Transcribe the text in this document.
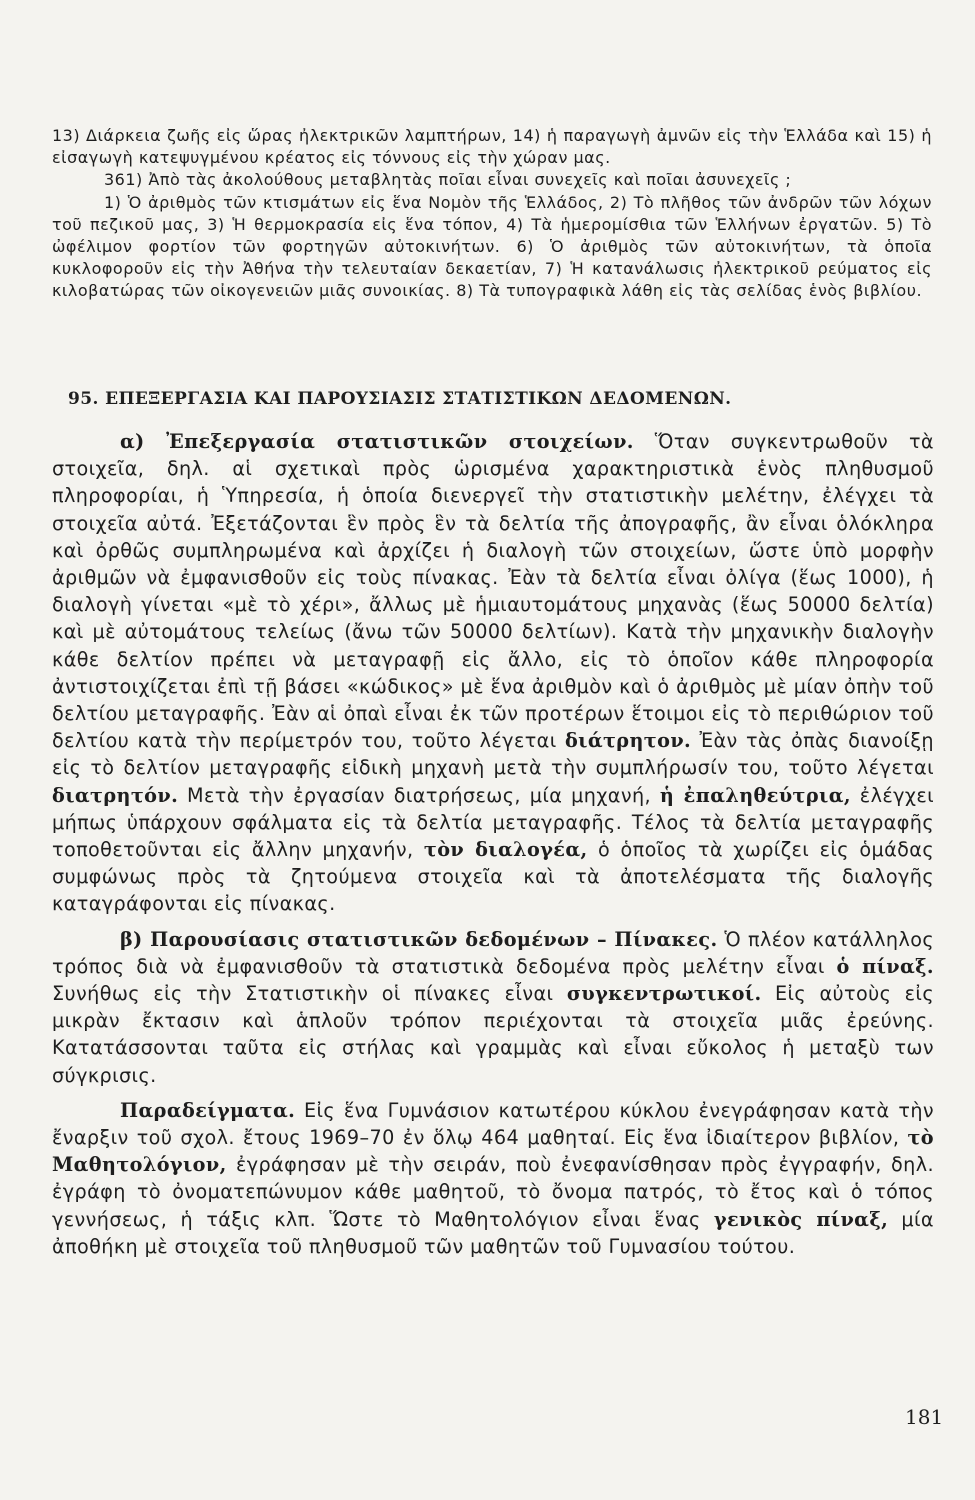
13) Διάρκεια ζωῆς εἰς ὥρας ἠλεκτρικῶν λαμπτήρων, 14) ἡ παραγωγὴ ἀμνῶν εἰς τὴν Ἑλλάδα καὶ 15) ἡ εἰσαγωγὴ κατεψυγμένου κρέατος εἰς τόννους εἰς τὴν χώραν μας.

361) Ἀπὸ τὰς ἀκολούθους μεταβλητὰς ποῖαι εἶναι συνεχεῖς καὶ ποῖαι ἀσυνεχεῖς ;

1) Ὁ ἀριθμὸς τῶν κτισμάτων εἰς ἕνα Νομὸν τῆς Ἑλλάδος, 2) Τὸ πλῆθος τῶν ἀνδρῶν τῶν λόχων τοῦ πεζικοῦ μας, 3) Ἡ θερμοκρασία εἰς ἕνα τόπον, 4) Τὰ ἡμερομίσθια τῶν Ἑλλήνων ἐργατῶν. 5) Τὸ ὠφέλιμον φορτίον τῶν φορτηγῶν αὐτοκινήτων. 6) Ὁ ἀριθμὸς τῶν αὐτοκινήτων, τὰ ὁποῖα κυκλοφοροῦν εἰς τὴν Ἀθήνα τὴν τελευταίαν δεκαετίαν, 7) Ἡ κατανάλωσις ἠλεκτρικοῦ ρεύματος εἰς κιλοβατώρας τῶν οἰκογενειῶν μιᾶς συνοικίας. 8) Τὰ τυπογραφικὰ λάθη εἰς τὰς σελίδας ἑνὸς βιβλίου.

95. ΕΠΕΞΕΡΓΑΣΙΑ ΚΑΙ ΠΑΡΟΥΣΙΑΣΙΣ ΣΤΑΤΙΣΤΙΚΩΝ ΔΕΔΟΜΕΝΩΝ.

α) Ἐπεξεργασία στατιστικῶν στοιχείων. Ὅταν συγκεντρωθοῦν τὰ στοιχεῖα, δηλ. αἱ σχετικαὶ πρὸς ὡρισμένα χαρακτηριστικὰ ἑνὸς πληθυσμοῦ πληροφορίαι, ἡ Ὑπηρεσία, ἡ ὁποία διενεργεῖ τὴν στατιστικὴν μελέτην, ἐλέγχει τὰ στοιχεῖα αὐτά. Ἐξετάζονται ἓν πρὸς ἓν τὰ δελτία τῆς ἀπογραφῆς, ἂν εἶναι ὁλόκληρα καὶ ὀρθῶς συμπληρωμένα καὶ ἀρχίζει ἡ διαλογὴ τῶν στοιχείων, ὥστε ὑπὸ μορφὴν ἀριθμῶν νὰ ἐμφανισθοῦν εἰς τοὺς πίνακας. Ἐὰν τὰ δελτία εἶναι ὀλίγα (ἕως 1000), ἡ διαλογὴ γίνεται «μὲ τὸ χέρι», ἄλλως μὲ ἡμιαυτομάτους μηχανὰς (ἕως 50000 δελτία) καὶ μὲ αὐτομάτους τελείως (ἄνω τῶν 50000 δελτίων). Κατὰ τὴν μηχανικὴν διαλογὴν κάθε δελτίον πρέπει νὰ μεταγραφῇ εἰς ἄλλο, εἰς τὸ ὁποῖον κάθε πληροφορία ἀντιστοιχίζεται ἐπὶ τῇ βάσει «κώδικος» μὲ ἕνα ἀριθμὸν καὶ ὁ ἀριθμὸς μὲ μίαν ὀπὴν τοῦ δελτίου μεταγραφῆς. Ἐὰν αἱ ὀπαὶ εἶναι ἐκ τῶν προτέρων ἕτοιμοι εἰς τὸ περιθώριον τοῦ δελτίου κατὰ τὴν περίμετρόν του, τοῦτο λέγεται διάτρητον. Ἐὰν τὰς ὀπὰς διανοίξῃ εἰς τὸ δελτίον μεταγραφῆς εἰδικὴ μηχανὴ μετὰ τὴν συμπλήρωσίν του, τοῦτο λέγεται διατρητόν. Μετὰ τὴν ἐργασίαν διατρήσεως, μία μηχανή, ἡ ἐπαληθεύτρια, ἐλέγχει μήπως ὑπάρχουν σφάλματα εἰς τὰ δελτία μεταγραφῆς. Τέλος τὰ δελτία μεταγραφῆς τοποθετοῦνται εἰς ἄλλην μηχανήν, τὸν διαλογέα, ὁ ὁποῖος τὰ χωρίζει εἰς ὁμάδας συμφώνως πρὸς τὰ ζητούμενα στοιχεῖα καὶ τὰ ἀποτελέσματα τῆς διαλογῆς καταγράφονται εἰς πίνακας.

β) Παρουσίασις στατιστικῶν δεδομένων – Πίνακες. Ὁ πλέον κατάλληλος τρόπος διὰ νὰ ἐμφανισθοῦν τὰ στατιστικὰ δεδομένα πρὸς μελέτην εἶναι ὁ πίναξ. Συνήθως εἰς τὴν Στατιστικὴν οἱ πίνακες εἶναι συγκεντρωτικοί. Εἰς αὐτοὺς εἰς μικρὰν ἔκτασιν καὶ ἁπλοῦν τρόπον περιέχονται τὰ στοιχεῖα μιᾶς ἐρεύνης. Κατατάσσονται ταῦτα εἰς στήλας καὶ γραμμὰς καὶ εἶναι εὔκολος ἡ μεταξὺ των σύγκρισις.

Παραδείγματα. Εἰς ἕνα Γυμνάσιον κατωτέρου κύκλου ἐνεγράφησαν κατὰ τὴν ἔναρξιν τοῦ σχολ. ἔτους 1969–70 ἐν ὅλῳ 464 μαθηταί. Εἰς ἕνα ἰδιαίτερον βιβλίον, τὸ Μαθητολόγιον, ἐγράφησαν μὲ τὴν σειράν, ποὺ ἐνεφανίσθησαν πρὸς ἐγγραφήν, δηλ. ἐγράφη τὸ ὀνοματεπώνυμον κάθε μαθητοῦ, τὸ ὄνομα πατρός, τὸ ἔτος καὶ ὁ τόπος γεννήσεως, ἡ τάξις κλπ. Ὥστε τὸ Μαθητολόγιον εἶναι ἕνας γενικὸς πίναξ, μία ἀποθήκη μὲ στοιχεῖα τοῦ πληθυσμοῦ τῶν μαθητῶν τοῦ Γυμνασίου τούτου.

181
